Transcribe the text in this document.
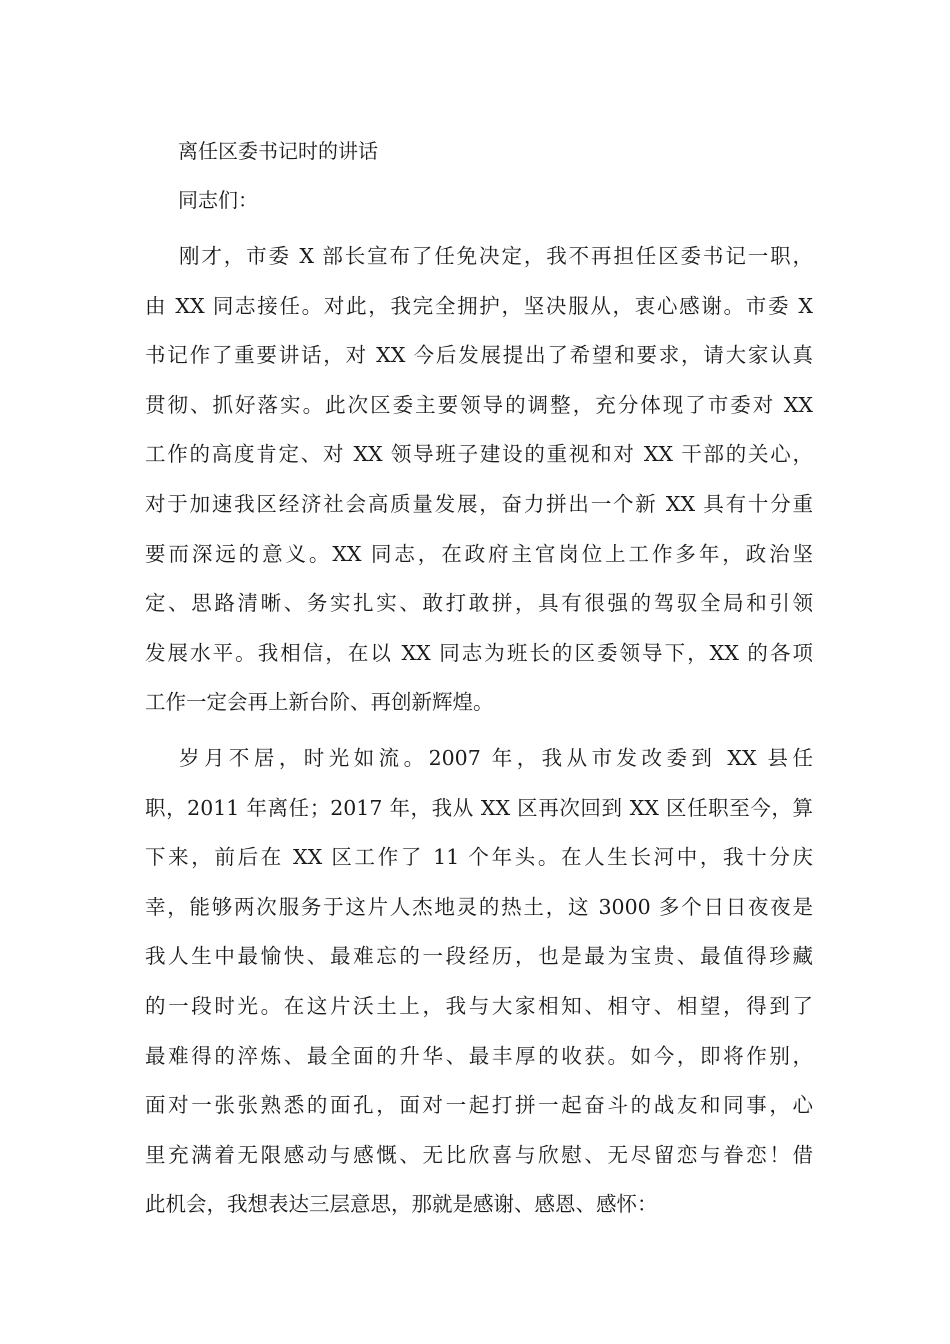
离任区委书记时的讲话

同志们：

刚才，市委 X 部长宣布了任免决定，我不再担任区委书记一职，
由 XX 同志接任。对此，我完全拥护，坚决服从，衷心感谢。市委 X
书记作了重要讲话，对 XX 今后发展提出了希望和要求，请大家认真
贯彻、抓好落实。此次区委主要领导的调整，充分体现了市委对 XX
工作的高度肯定、对 XX 领导班子建设的重视和对 XX 干部的关心，
对于加速我区经济社会高质量发展，奋力拼出一个新 XX 具有十分重
要而深远的意义。XX 同志，在政府主官岗位上工作多年，政治坚
定、思路清晰、务实扎实、敢打敢拼，具有很强的驾驭全局和引领
发展水平。我相信，在以 XX 同志为班长的区委领导下，XX 的各项
工作一定会再上新台阶、再创新辉煌。
岁月不居，时光如流。2007 年，我从市发改委到 XX 县任
职，2011 年离任；2017 年，我从 XX 区再次回到 XX 区任职至今，算
下来，前后在 XX 区工作了 11 个年头。在人生长河中，我十分庆
幸，能够两次服务于这片人杰地灵的热土，这 3000 多个日日夜夜是
我人生中最愉快、最难忘的一段经历，也是最为宝贵、最值得珍藏
的一段时光。在这片沃土上，我与大家相知、相守、相望，得到了
最难得的淬炼、最全面的升华、最丰厚的收获。如今，即将作别，
面对一张张熟悉的面孔，面对一起打拼一起奋斗的战友和同事，心
里充满着无限感动与感慨、无比欣喜与欣慰、无尽留恋与眷恋！借
此机会，我想表达三层意思，那就是感谢、感恩、感怀：
